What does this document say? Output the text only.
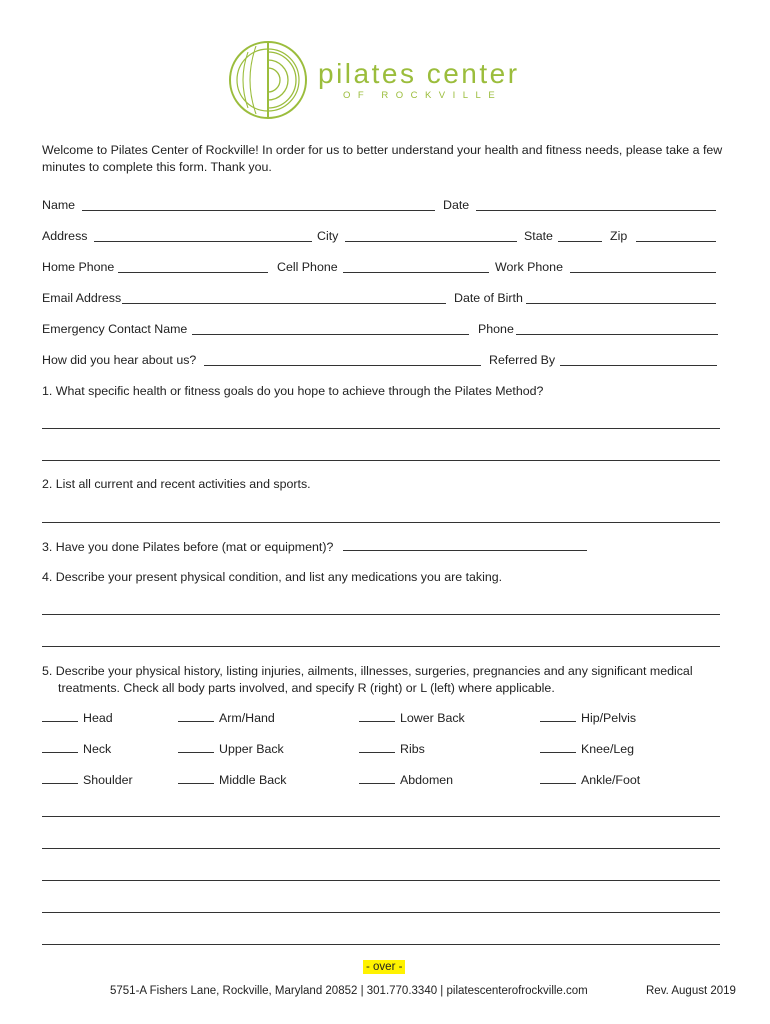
pilates center
OF ROCKVILLE
Welcome to Pilates Center of Rockville! In order for us to better understand your health and fitness needs, please take a few minutes to complete this form. Thank you.
Name	Date
Address	City	State	Zip
Home Phone	Cell Phone	Work Phone
Email Address	Date of Birth
Emergency Contact Name	Phone
How did you hear about us?	Referred By
1. What specific health or fitness goals do you hope to achieve through the Pilates Method?
2. List all current and recent activities and sports.
3. Have you done Pilates before (mat or equipment)?
4. Describe your present physical condition, and list any medications you are taking.
5. Describe your physical history, listing injuries, ailments, illnesses, surgeries, pregnancies and any significant medical
treatments. Check all body parts involved, and specify R (right) or L (left) where applicable.
Head	Arm/Hand	Lower Back	Hip/Pelvis
Neck	Upper Back	Ribs	Knee/Leg
Shoulder	Middle Back	Abdomen	Ankle/Foot
- over -
5751-A Fishers Lane, Rockville, Maryland 20852 | 301.770.3340 | pilatescenterofrockville.com	Rev. August 2019
